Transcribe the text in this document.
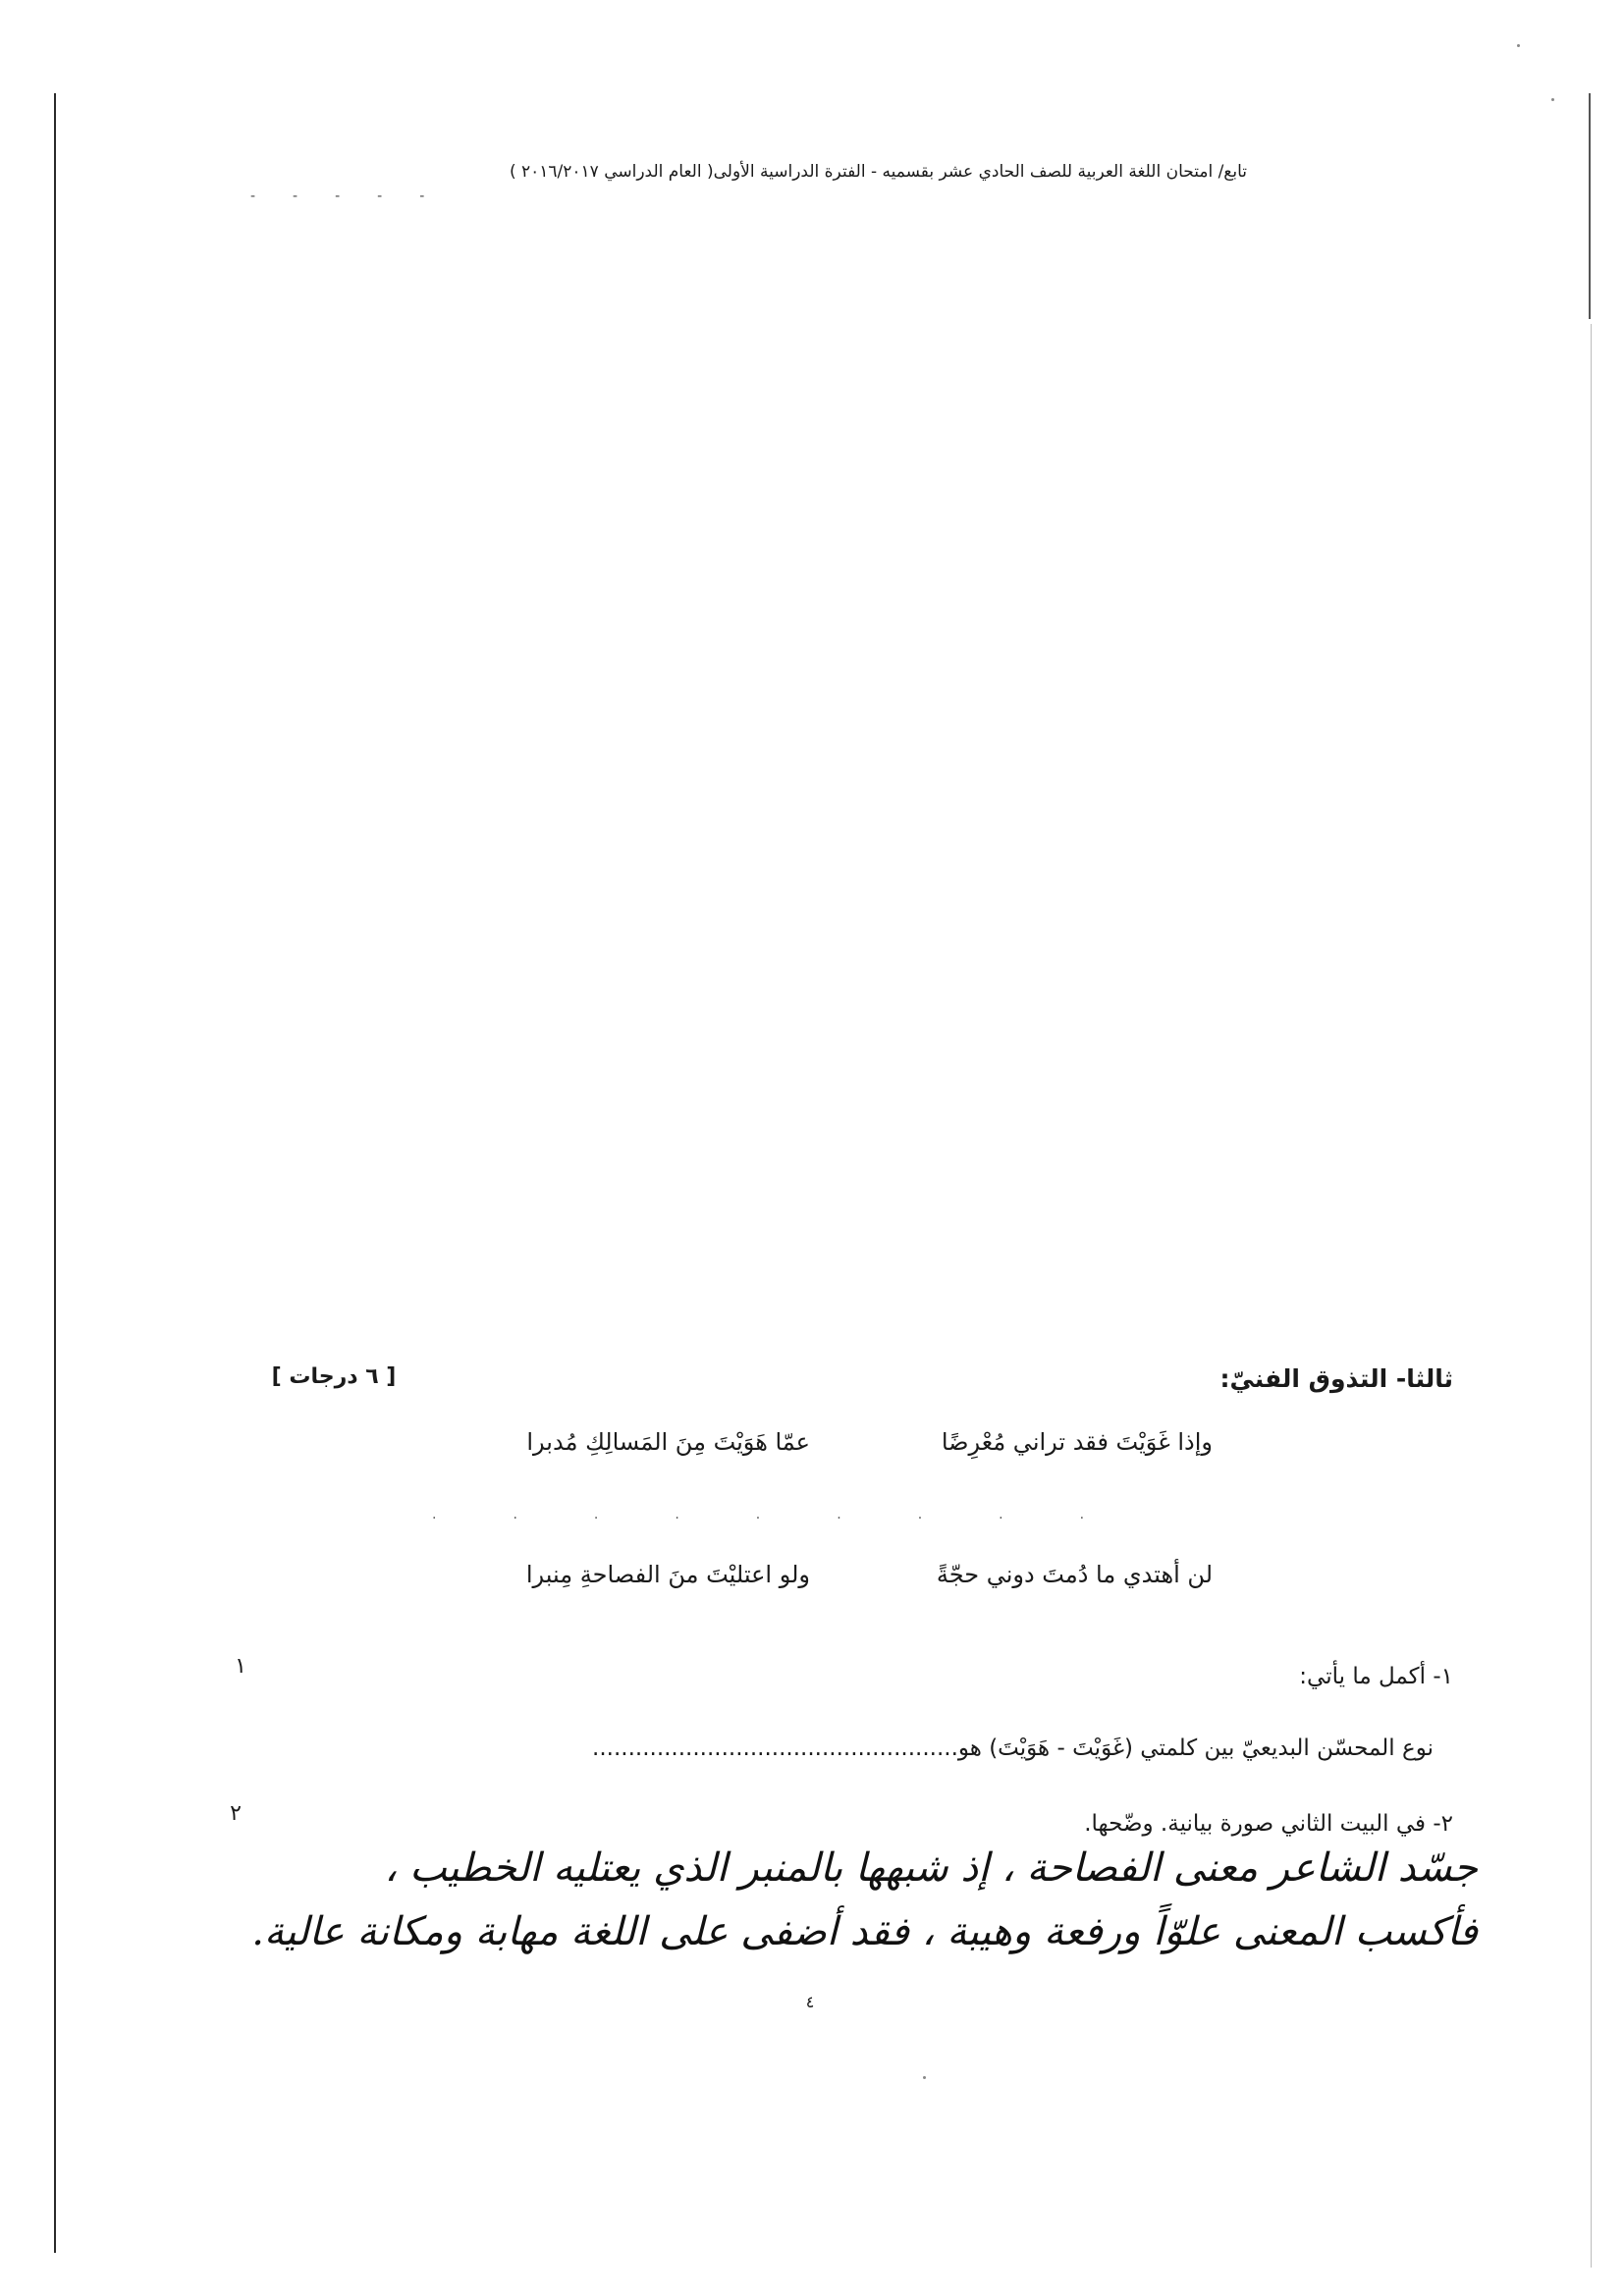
تابع/ امتحان اللغة العربية للصف الحادي عشر بقسميه - الفترة الدراسية الأولى( العام الدراسي ٢٠١٦/٢٠١٧ )
-----
ثالثا- التذوق الفنيّ:
[ ٦ درجات ]
وإذا غَوَيْتَ فقد تراني مُعْرِضًا
عمّا هَوَيْتَ مِنَ المَسالِكِ مُدبرا
.........
لن أهتدي ما دُمتَ دوني حجّةً
ولو اعتليْتَ منَ الفصاحةِ مِنبرا
١- أكمل ما يأتي:
١
نوع المحسّن البديعيّ بين كلمتي (غَوَيْتَ - هَوَيْتَ) هو...................................................
٢- في البيت الثاني صورة بيانية. وضّحها.
٢
جسّد الشاعر معنى الفصاحة ، إذ شبهها بالمنبر الذي يعتليه الخطيب ،
فأكسب المعنى علوّاً ورفعة وهيبة ، فقد أضفى على اللغة مهابة ومكانة عالية.
٤
